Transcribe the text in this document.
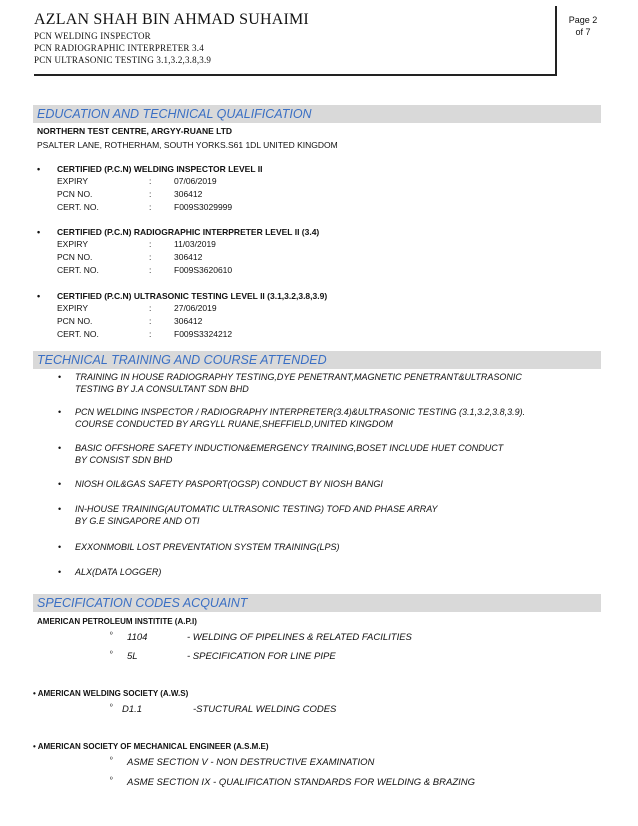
AZLAN SHAH BIN AHMAD SUHAIMI
PCN WELDING INSPECTOR
PCN RADIOGRAPHIC INTERPRETER 3.4
PCN ULTRASONIC TESTING 3.1,3.2,3.8,3.9
Page 2
of 7
EDUCATION AND TECHNICAL QUALIFICATION
NORTHERN TEST CENTRE, ARGYY-RUANE LTD
PSALTER LANE, ROTHERHAM, SOUTH YORKS.S61 1DL UNITED KINGDOM
• CERTIFIED (P.C.N) WELDING INSPECTOR LEVEL II
EXPIRY	:	07/06/2019
PCN NO.	:	306412
CERT. NO.	:	F009S3029999
• CERTIFIED (P.C.N) RADIOGRAPHIC INTERPRETER LEVEL II (3.4)
EXPIRY	:	11/03/2019
PCN NO.	:	306412
CERT. NO.	:	F009S3620610
• CERTIFIED (P.C.N) ULTRASONIC TESTING LEVEL II (3.1,3.2,3.8,3.9)
EXPIRY	:	27/06/2019
PCN NO.	:	306412
CERT. NO.	:	F009S3324212
TECHNICAL TRAINING AND COURSE ATTENDED
• TRAINING IN HOUSE RADIOGRAPHY TESTING,DYE PENETRANT,MAGNETIC PENETRANT&ULTRASONIC
TESTING BY J.A CONSULTANT SDN BHD
• PCN WELDING INSPECTOR / RADIOGRAPHY INTERPRETER(3.4)&ULTRASONIC TESTING (3.1,3.2,3.8,3.9).
COURSE CONDUCTED BY ARGYLL RUANE,SHEFFIELD,UNITED KINGDOM
• BASIC OFFSHORE SAFETY INDUCTION&EMERGENCY TRAINING,BOSET INCLUDE HUET CONDUCT
BY CONSIST SDN BHD
• NIOSH OIL&GAS SAFETY PASPORT(OGSP) CONDUCT BY NIOSH BANGI
• IN-HOUSE TRAINING(AUTOMATIC ULTRASONIC TESTING) TOFD AND PHASE ARRAY
BY G.E SINGAPORE AND OTI
• EXXONMOBIL LOST PREVENTATION SYSTEM TRAINING(LPS)
• ALX(DATA LOGGER)
SPECIFICATION CODES ACQUAINT
AMERICAN PETROLEUM INSTITITE (A.P.I)
º 1104	- WELDING OF PIPELINES & RELATED FACILITIES
º 5L	- SPECIFICATION FOR LINE PIPE
• AMERICAN WELDING SOCIETY (A.W.S)
º D1.1	-STUCTURAL WELDING CODES
• AMERICAN SOCIETY OF MECHANICAL ENGINEER (A.S.M.E)
º ASME SECTION V - NON DESTRUCTIVE EXAMINATION
º ASME SECTION IX - QUALIFICATION STANDARDS FOR WELDING & BRAZING
